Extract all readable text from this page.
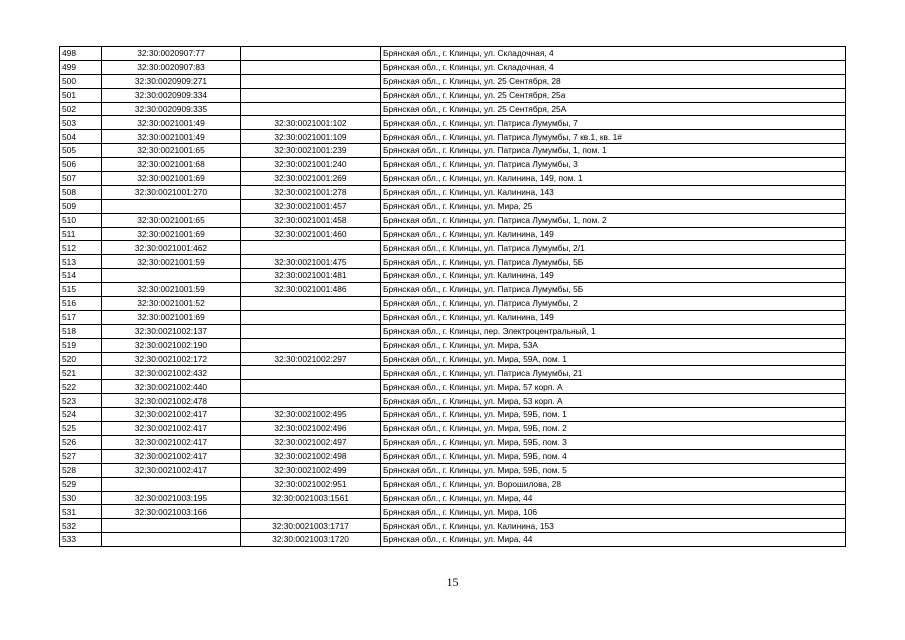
498	32:30:0020907:77		Брянская обл., г. Клинцы, ул. Складочная, 4
499	32:30:0020907:83		Брянская обл., г. Клинцы, ул. Складочная, 4
500	32:30:0020909:271		Брянская обл., г. Клинцы, ул. 25 Сентября, 28
501	32:30:0020909:334		Брянская обл., г. Клинцы, ул. 25 Сентября, 25а
502	32:30:0020909:335		Брянская обл., г. Клинцы, ул. 25 Сентября, 25А
503	32:30:0021001:49	32:30:0021001:102	Брянская обл., г. Клинцы, ул. Патриса Лумумбы, 7
504	32:30:0021001:49	32:30:0021001:109	Брянская обл., г. Клинцы, ул. Патриса Лумумбы, 7 кв.1, кв. 1#
505	32:30:0021001:65	32:30:0021001:239	Брянская обл., г. Клинцы, ул. Патриса Лумумбы, 1, пом. 1
506	32:30:0021001:68	32:30:0021001:240	Брянская обл., г. Клинцы, ул. Патриса Лумумбы, 3
507	32:30:0021001:69	32:30:0021001:269	Брянская обл., г. Клинцы, ул. Калинина, 149, пом. 1
508	32:30:0021001:270	32:30:0021001:278	Брянская обл., г. Клинцы, ул. Калинина, 143
509		32:30:0021001:457	Брянская обл., г. Клинцы, ул. Мира, 25
510	32:30:0021001:65	32:30:0021001:458	Брянская обл., г. Клинцы, ул. Патриса Лумумбы, 1, пом. 2
511	32:30:0021001:69	32:30:0021001:460	Брянская обл., г. Клинцы, ул. Калинина, 149
512	32:30:0021001:462		Брянская обл., г. Клинцы, ул. Патриса Лумумбы, 2/1
513	32:30:0021001:59	32:30:0021001:475	Брянская обл., г. Клинцы, ул. Патриса Лумумбы, 5Б
514		32:30:0021001:481	Брянская обл., г. Клинцы, ул. Калинина, 149
515	32:30:0021001:59	32:30:0021001:486	Брянская обл., г. Клинцы, ул. Патриса Лумумбы, 5Б
516	32:30:0021001:52		Брянская обл., г. Клинцы, ул. Патриса Лумумбы, 2
517	32:30:0021001:69		Брянская обл., г. Клинцы, ул. Калинина, 149
518	32:30:0021002:137		Брянская обл., г. Клинцы, пер. Электроцентральный, 1
519	32:30:0021002:190		Брянская обл., г. Клинцы, ул. Мира, 53А
520	32:30:0021002:172	32:30:0021002:297	Брянская обл., г. Клинцы, ул. Мира, 59А, пом. 1
521	32:30:0021002:432		Брянская обл., г. Клинцы, ул. Патриса Лумумбы, 21
522	32:30:0021002:440		Брянская обл., г. Клинцы, ул. Мира, 57 корп. А
523	32:30:0021002:478		Брянская обл., г. Клинцы, ул. Мира, 53 корп. А
524	32:30:0021002:417	32:30:0021002:495	Брянская обл., г. Клинцы, ул. Мира, 59Б, пом. 1
525	32:30:0021002:417	32:30:0021002:496	Брянская обл., г. Клинцы, ул. Мира, 59Б, пом. 2
526	32:30:0021002:417	32:30:0021002:497	Брянская обл., г. Клинцы, ул. Мира, 59Б, пом. 3
527	32:30:0021002:417	32:30:0021002:498	Брянская обл., г. Клинцы, ул. Мира, 59Б, пом. 4
528	32:30:0021002:417	32:30:0021002:499	Брянская обл., г. Клинцы, ул. Мира, 59Б, пом. 5
529		32:30:0021002:951	Брянская обл., г. Клинцы, ул. Ворошилова, 28
530	32:30:0021003:195	32:30:0021003:1561	Брянская обл., г. Клинцы, ул. Мира, 44
531	32:30:0021003:166		Брянская обл., г. Клинцы, ул. Мира, 106
532		32:30:0021003:1717	Брянская обл., г. Клинцы, ул. Калинина, 153
533		32:30:0021003:1720	Брянская обл., г. Клинцы, ул. Мира, 44
15
